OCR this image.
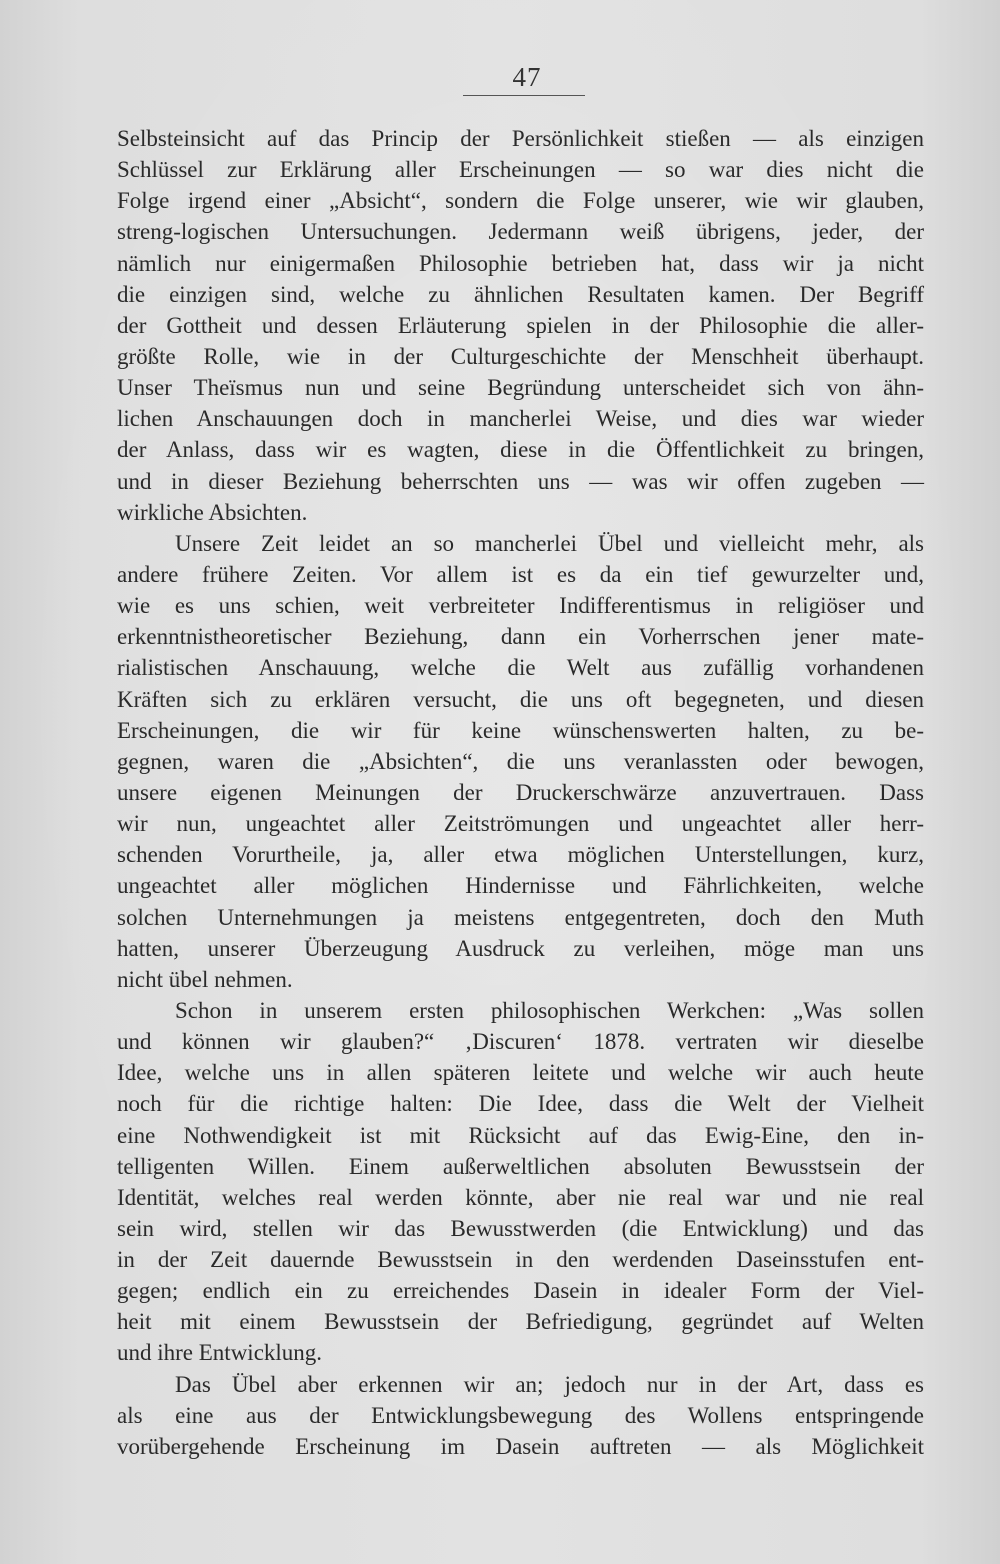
47
Selbsteinsicht auf das Princip der Persönlichkeit stießen — als einzigen
Schlüssel zur Erklärung aller Erscheinungen — so war dies nicht die
Folge irgend einer „Absicht“, sondern die Folge unserer, wie wir glauben,
streng-logischen Untersuchungen. Jedermann weiß übrigens, jeder, der
nämlich nur einigermaßen Philosophie betrieben hat, dass wir ja nicht
die einzigen sind, welche zu ähnlichen Resultaten kamen. Der Begriff
der Gottheit und dessen Erläuterung spielen in der Philosophie die aller-
größte Rolle, wie in der Culturgeschichte der Menschheit überhaupt.
Unser Theïsmus nun und seine Begründung unterscheidet sich von ähn-
lichen Anschauungen doch in mancherlei Weise, und dies war wieder
der Anlass, dass wir es wagten, diese in die Öffentlichkeit zu bringen,
und in dieser Beziehung beherrschten uns — was wir offen zugeben —
wirkliche Absichten.
Unsere Zeit leidet an so mancherlei Übel und vielleicht mehr, als
andere frühere Zeiten. Vor allem ist es da ein tief gewurzelter und,
wie es uns schien, weit verbreiteter Indifferentismus in religiöser und
erkenntnistheoretischer Beziehung, dann ein Vorherrschen jener mate-
rialistischen Anschauung, welche die Welt aus zufällig vorhandenen
Kräften sich zu erklären versucht, die uns oft begegneten, und diesen
Erscheinungen, die wir für keine wünschenswerten halten, zu be-
gegnen, waren die „Absichten“, die uns veranlassten oder bewogen,
unsere eigenen Meinungen der Druckerschwärze anzuvertrauen. Dass
wir nun, ungeachtet aller Zeitströmungen und ungeachtet aller herr-
schenden Vorurtheile, ja, aller etwa möglichen Unterstellungen, kurz,
ungeachtet aller möglichen Hindernisse und Fährlichkeiten, welche
solchen Unternehmungen ja meistens entgegentreten, doch den Muth
hatten, unserer Überzeugung Ausdruck zu verleihen, möge man uns
nicht übel nehmen.
Schon in unserem ersten philosophischen Werkchen: „Was sollen
und können wir glauben?“ ‚Discuren‘ 1878. vertraten wir dieselbe
Idee, welche uns in allen späteren leitete und welche wir auch heute
noch für die richtige halten: Die Idee, dass die Welt der Vielheit
eine Nothwendigkeit ist mit Rücksicht auf das Ewig-Eine, den in-
telligenten Willen. Einem außerweltlichen absoluten Bewusstsein der
Identität, welches real werden könnte, aber nie real war und nie real
sein wird, stellen wir das Bewusstwerden (die Entwicklung) und das
in der Zeit dauernde Bewusstsein in den werdenden Daseinsstufen ent-
gegen; endlich ein zu erreichendes Dasein in idealer Form der Viel-
heit mit einem Bewusstsein der Befriedigung, gegründet auf Welten
und ihre Entwicklung.
Das Übel aber erkennen wir an; jedoch nur in der Art, dass es
als eine aus der Entwicklungsbewegung des Wollens entspringende
vorübergehende Erscheinung im Dasein auftreten — als Möglichkeit
